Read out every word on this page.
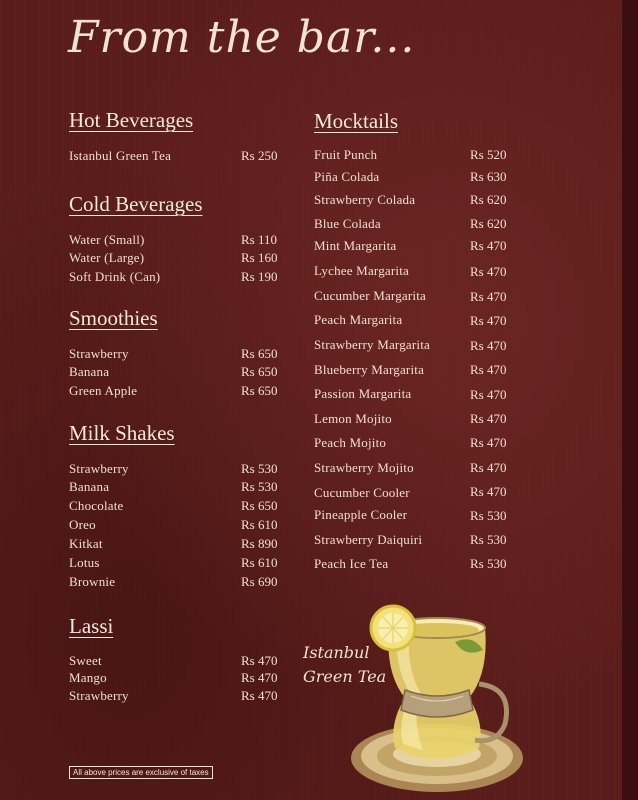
From the bar...
Hot Beverages
Istanbul Green Tea	Rs 250
Cold Beverages
Water (Small)	Rs 110
Water (Large)	Rs 160
Soft Drink (Can)	Rs 190
Smoothies
Strawberry	Rs 650
Banana	Rs 650
Green Apple	Rs 650
Milk Shakes
Strawberry	Rs 530
Banana	Rs 530
Chocolate	Rs 650
Oreo	Rs 610
Kitkat	Rs 890
Lotus	Rs 610
Brownie	Rs 690
Lassi
Sweet	Rs 470
Mango	Rs 470
Strawberry	Rs 470
Mocktails
Fruit Punch	Rs 520
Piña Colada	Rs 630
Strawberry Colada	Rs 620
Blue Colada	Rs 620
Mint Margarita	Rs 470
Lychee Margarita	Rs 470
Cucumber Margarita	Rs 470
Peach Margarita	Rs 470
Strawberry Margarita	Rs 470
Blueberry Margarita	Rs 470
Passion Margarita	Rs 470
Lemon Mojito	Rs 470
Peach Mojito	Rs 470
Strawberry Mojito	Rs 470
Cucumber Cooler	Rs 470
Pineapple Cooler	Rs 530
Strawberry Daiquiri	Rs 530
Peach Ice Tea	Rs 530
Istanbul
Green Tea
All above prices are exclusive of taxes
